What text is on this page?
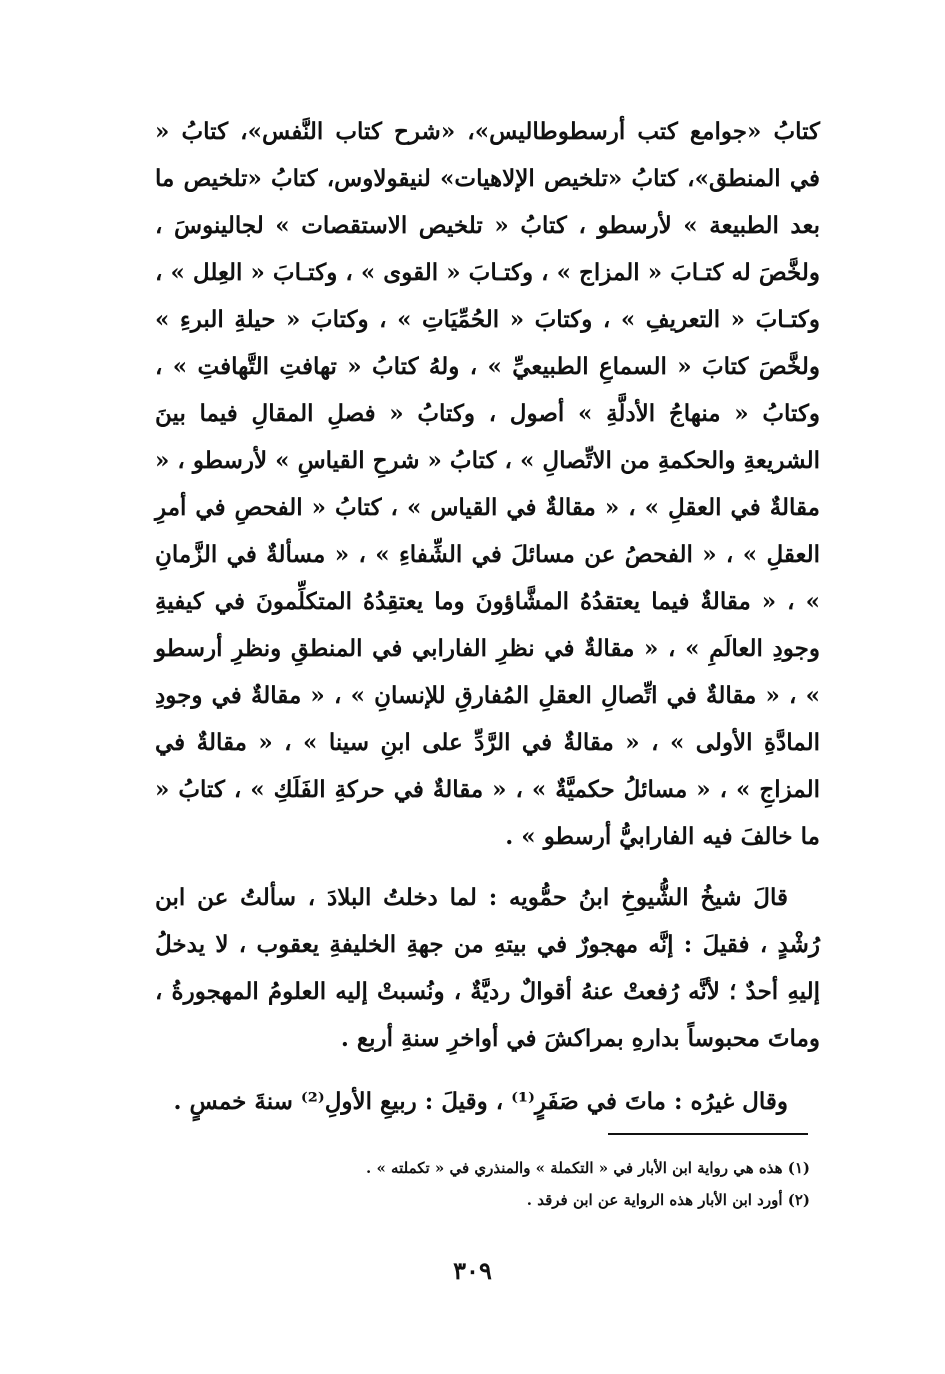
كتابُ «جوامع كتب أرسطوطاليس»، «شرح كتاب النَّفس»، كتابُ « في المنطق»، كتابُ «تلخيص الإلاهيات» لنيقولاوس، كتابُ «تلخيص ما بعد الطبيعة » لأرسطو ، كتابُ « تلخيص الاستقصات » لجالينوسَ ، ولخَّصَ له كتـابَ « المزاج » ، وكتـابَ « القوى » ، وكتـابَ « العِلل » ، وكتـابَ « التعريفِ » ، وكتابَ « الحُمِّيَاتِ » ، وكتابَ « حيلةِ البرءِ » ولخَّصَ كتابَ « السماعِ الطبيعيِّ » ، ولهُ كتابُ « تهافتِ التَّهافتِ » ، وكتابُ « منهاجُ الأدلَّةِ » أصول ، وكتابُ « فصلِ المقالِ فيما بينَ الشريعةِ والحكمةِ من الاتِّصالِ » ، كتابُ « شرحِ القياسِ » لأرسطو ، « مقالةٌ في العقلِ » ، « مقالةٌ في القياس » ، كتابُ « الفحصِ في أمرِ العقلِ » ، « الفحصُ عن مسائلَ في الشِّفاءِ » ، « مسألةٌ في الزَّمانِ » ، « مقالةٌ فيما يعتقدُهُ المشَّاؤونَ وما يعتقِدُهُ المتكلِّمونَ في كيفيةِ وجودِ العالَمِ » ، « مقالةٌ في نظرِ الفارابي في المنطقِ ونظرِ أرسطو » ، « مقالةٌ في اتِّصالِ العقلِ المُفارقِ للإنسانِ » ، « مقالةٌ في وجودِ المادَّةِ الأولى » ، « مقالةٌ في الرَّدِّ على ابنِ سينا » ، « مقالةٌ في المزاجِ » ، « مسائلُ حكميَّةٌ » ، « مقالةٌ في حركةِ الفَلَكِ » ، كتابُ « ما خالفَ فيه الفارابيُّ أرسطو » .

قالَ شيخُ الشُّيوخِ ابنُ حمُّويه : لما دخلتُ البلادَ ، سألتُ عن ابن رُشْدٍ ، فقيلَ : إنَّه مهجورٌ في بيتهِ من جهةِ الخليفةِ يعقوب ، لا يدخلُ إليهِ أحدٌ ؛ لأنَّه رُفعتْ عنهُ أقوالٌ رديَّةٌ ، ونُسبتْ إليه العلومُ المهجورةُ ، وماتَ محبوساً بدارهِ بمراكشَ في أواخرِ سنةِ أربع .

وقال غيرُه : ماتَ في صَفَرٍ⁽¹⁾ ، وقيلَ : ربيعِ الأولِ⁽²⁾ سنةَ خمسٍ .

(١) هذه هي رواية ابن الأبار في « التكملة » والمنذري في « تكملته » .

(٢) أورد ابن الأبار هذه الرواية عن ابن فرقد .

٣٠٩
